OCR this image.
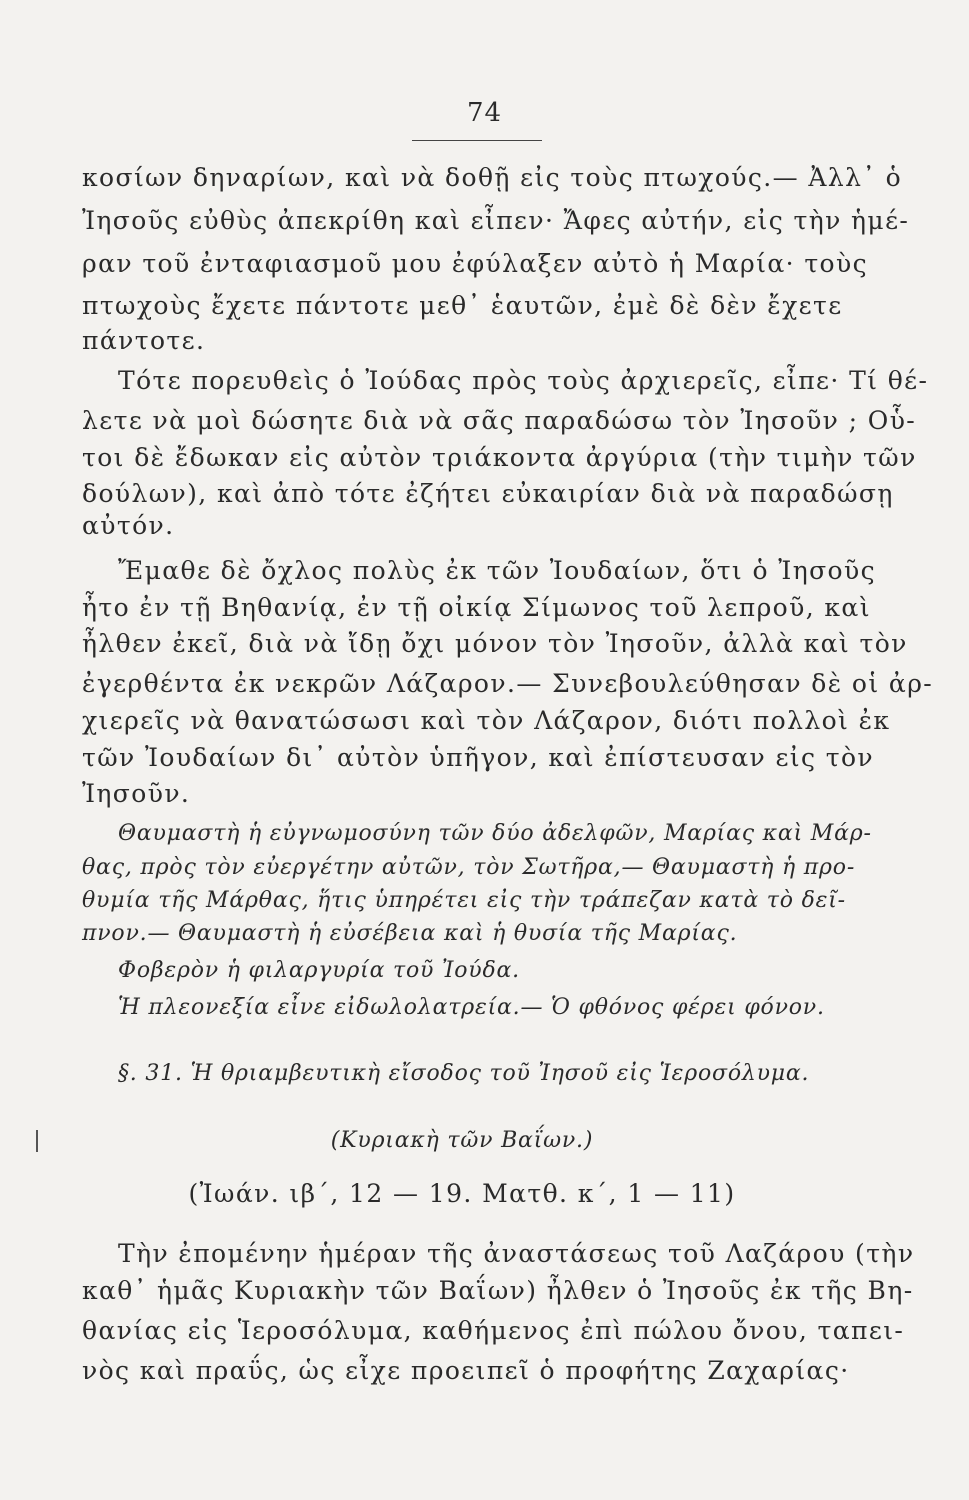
74
κοσίων δηναρίων, καὶ νὰ δοθῇ εἰς τοὺς πτωχούς.— Ἀλλ᾽ ὁ
Ἰησοῦς εὐθὺς ἀπεκρίθη καὶ εἶπεν· Ἄφες αὐτήν, εἰς τὴν ἡμέ-
ραν τοῦ ἐνταφιασμοῦ μου ἐφύλαξεν αὐτὸ ἡ Μαρία· τοὺς
πτωχοὺς ἔχετε πάντοτε μεθ᾽ ἑαυτῶν, ἐμὲ δὲ δὲν ἔχετε
πάντοτε.
Τότε πορευθεὶς ὁ Ἰούδας πρὸς τοὺς ἀρχιερεῖς, εἶπε· Τί θέ-
λετε νὰ μοὶ δώσητε διὰ νὰ σᾶς παραδώσω τὸν Ἰησοῦν ; Οὗ-
τοι δὲ ἔδωκαν εἰς αὐτὸν τριάκοντα ἀργύρια (τὴν τιμὴν τῶν
δούλων), καὶ ἀπὸ τότε ἐζήτει εὐκαιρίαν διὰ νὰ παραδώσῃ
αὐτόν.
Ἔμαθε δὲ ὄχλος πολὺς ἐκ τῶν Ἰουδαίων, ὅτι ὁ Ἰησοῦς
ἦτο ἐν τῇ Βηθανίᾳ, ἐν τῇ οἰκίᾳ Σίμωνος τοῦ λεπροῦ, καὶ
ἦλθεν ἐκεῖ, διὰ νὰ ἴδῃ ὄχι μόνον τὸν Ἰησοῦν, ἀλλὰ καὶ τὸν
ἐγερθέντα ἐκ νεκρῶν Λάζαρον.— Συνεβουλεύθησαν δὲ οἱ ἀρ-
χιερεῖς νὰ θανατώσωσι καὶ τὸν Λάζαρον, διότι πολλοὶ ἐκ
τῶν Ἰουδαίων δι᾽ αὐτὸν ὑπῆγον, καὶ ἐπίστευσαν εἰς τὸν
Ἰησοῦν.
Θαυμαστὴ ἡ εὐγνωμοσύνη τῶν δύο ἀδελφῶν, Μαρίας καὶ Μάρ-
θας, πρὸς τὸν εὐεργέτην αὐτῶν, τὸν Σωτῆρα,— Θαυμαστὴ ἡ προ-
θυμία τῆς Μάρθας, ἥτις ὑπηρέτει εἰς τὴν τράπεζαν κατὰ τὸ δεῖ-
πνον.— Θαυμαστὴ ἡ εὐσέβεια καὶ ἡ θυσία τῆς Μαρίας.
Φοβερὸν ἡ φιλαργυρία τοῦ Ἰούδα.
Ἡ πλεονεξία εἶνε εἰδωλολατρεία.— Ὁ φθόνος φέρει φόνον.
§. 31. Ἡ θριαμβευτικὴ εἴσοδος τοῦ Ἰησοῦ εἰς Ἱεροσόλυμα.
(Κυριακὴ τῶν Βαΐων.)
(Ἰωάν. ιβ΄, 12 — 19. Ματθ. κ΄, 1 — 11)
Τὴν ἐπομένην ἡμέραν τῆς ἀναστάσεως τοῦ Λαζάρου (τὴν
καθ᾽ ἡμᾶς Κυριακὴν τῶν Βαΐων) ἦλθεν ὁ Ἰησοῦς ἐκ τῆς Βη-
θανίας εἰς Ἱεροσόλυμα, καθήμενος ἐπὶ πώλου ὄνου, ταπει-
νὸς καὶ πραΰς, ὡς εἶχε προειπεῖ ὁ προφήτης Ζαχαρίας·
